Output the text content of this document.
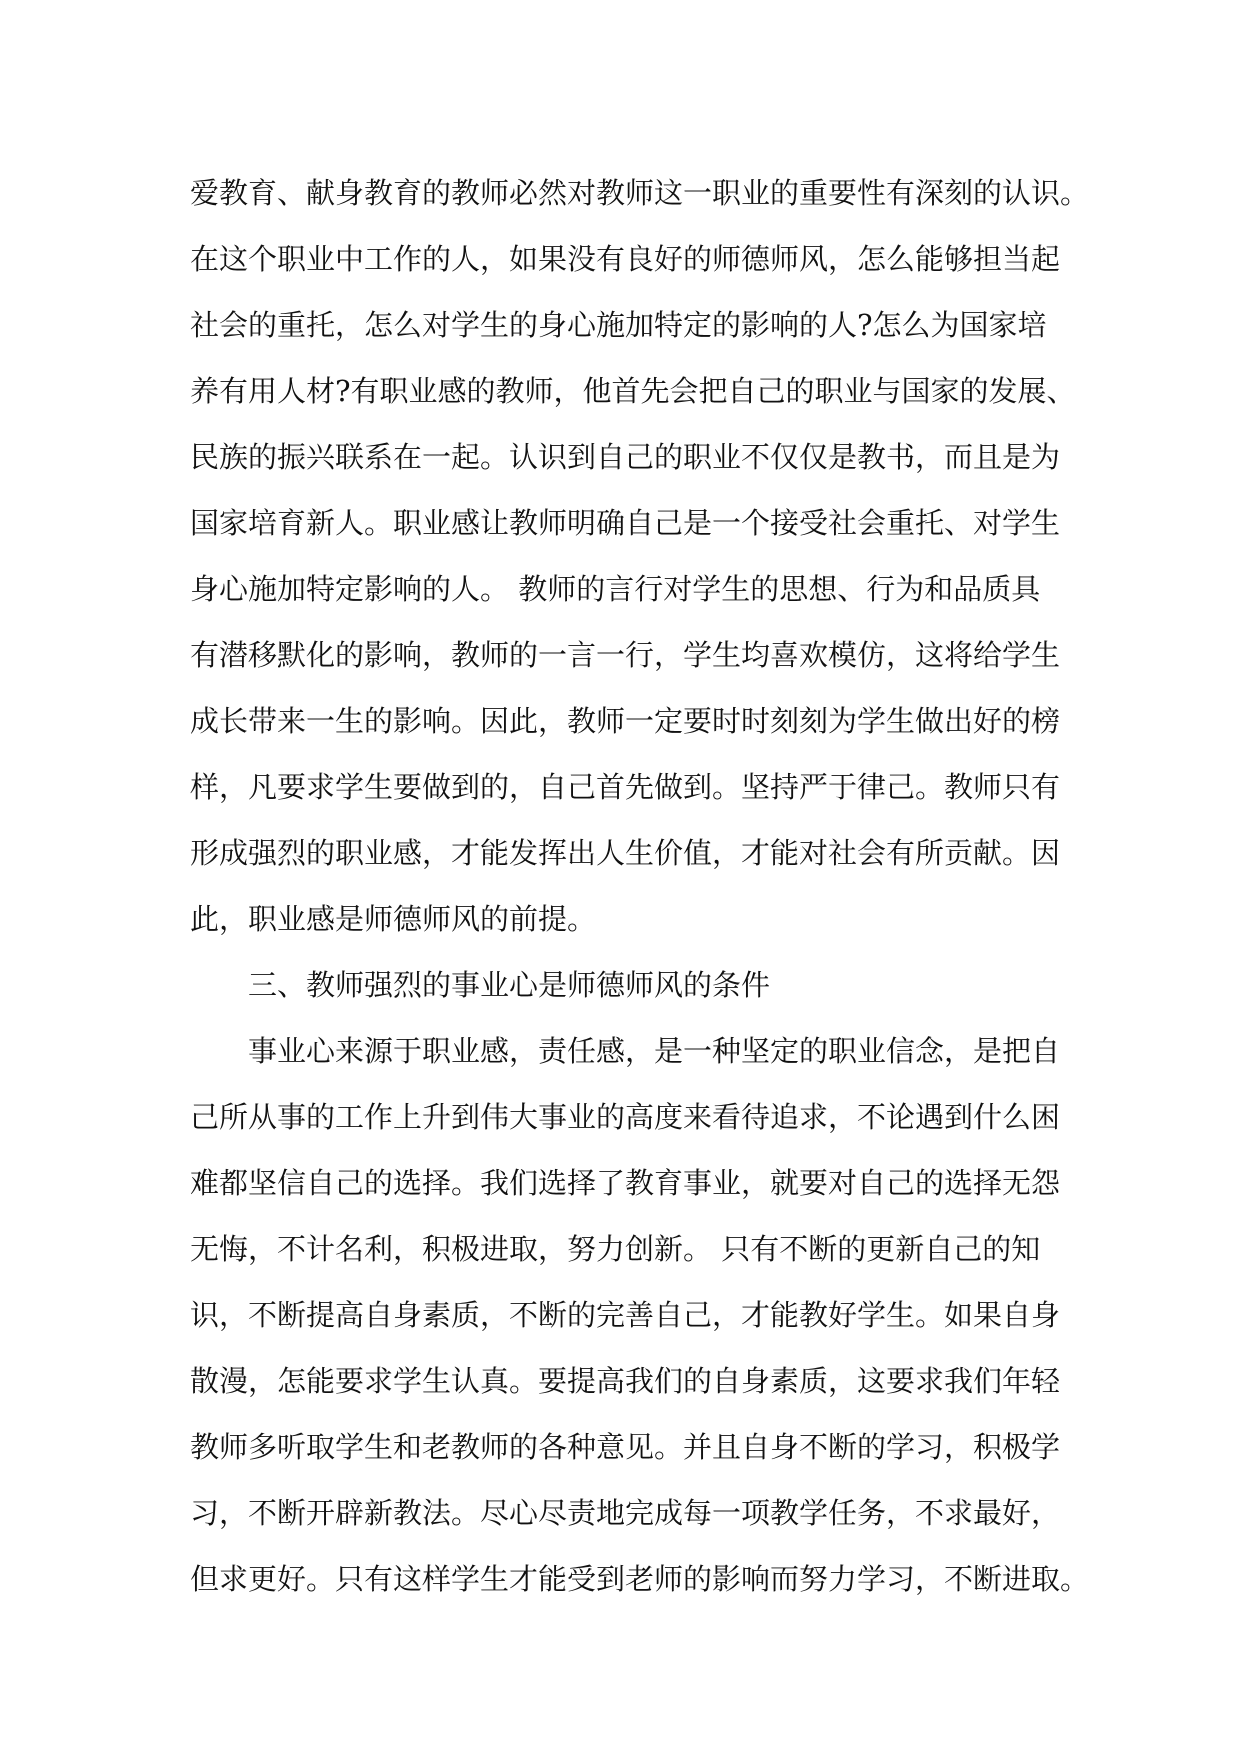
爱教育、献身教育的教师必然对教师这一职业的重要性有深刻的认识。
在这个职业中工作的人，如果没有良好的师德师风，怎么能够担当起
社会的重托，怎么对学生的身心施加特定的影响的人?怎么为国家培
养有用人材?有职业感的教师，他首先会把自己的职业与国家的发展、
民族的振兴联系在一起。认识到自己的职业不仅仅是教书，而且是为
国家培育新人。职业感让教师明确自己是一个接受社会重托、对学生
身心施加特定影响的人。 教师的言行对学生的思想、行为和品质具
有潜移默化的影响，教师的一言一行，学生均喜欢模仿，这将给学生
成长带来一生的影响。因此，教师一定要时时刻刻为学生做出好的榜
样，凡要求学生要做到的，自己首先做到。坚持严于律己。教师只有
形成强烈的职业感，才能发挥出人生价值，才能对社会有所贡献。因
此，职业感是师德师风的前提。
三、教师强烈的事业心是师德师风的条件
事业心来源于职业感，责任感，是一种坚定的职业信念，是把自
己所从事的工作上升到伟大事业的高度来看待追求，不论遇到什么困
难都坚信自己的选择。我们选择了教育事业，就要对自己的选择无怨
无悔，不计名利，积极进取，努力创新。 只有不断的更新自己的知
识，不断提高自身素质，不断的完善自己，才能教好学生。如果自身
散漫，怎能要求学生认真。要提高我们的自身素质，这要求我们年轻
教师多听取学生和老教师的各种意见。并且自身不断的学习，积极学
习，不断开辟新教法。尽心尽责地完成每一项教学任务，不求最好，
但求更好。只有这样学生才能受到老师的影响而努力学习，不断进取。
